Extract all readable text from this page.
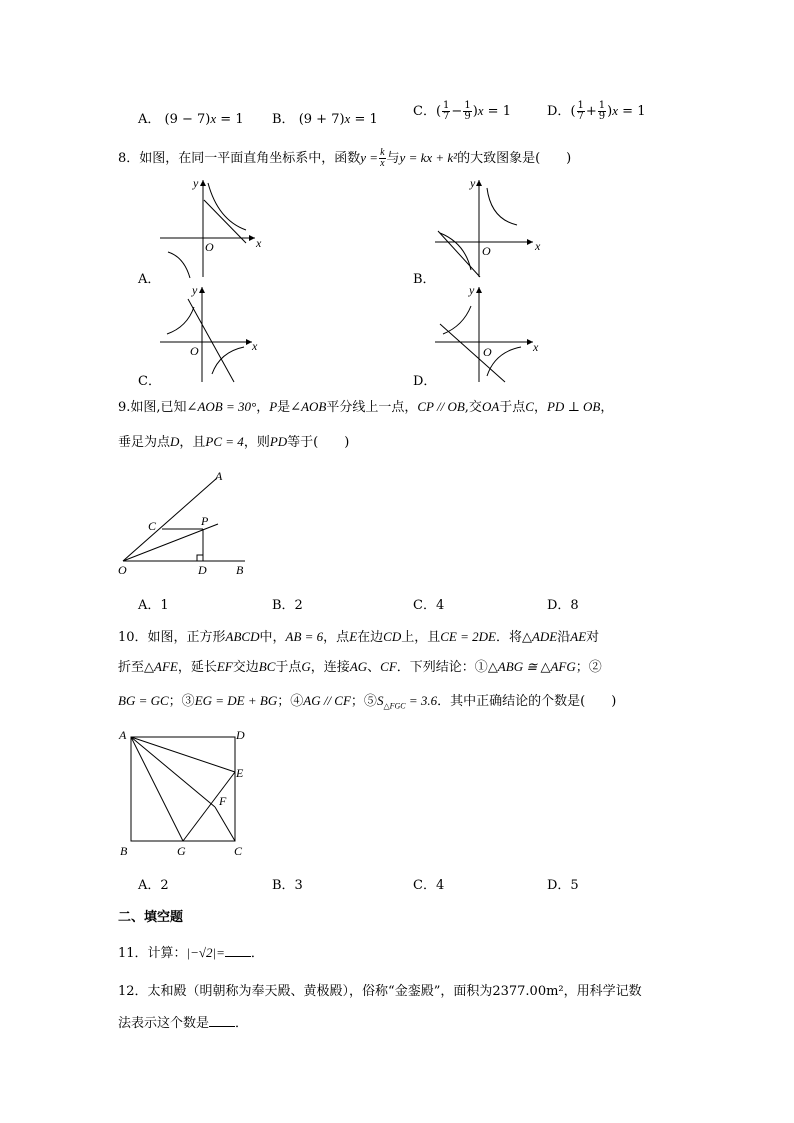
A． (9 − 7)x = 1 B． (9 + 7)x = 1
C．( $\frac{1}{7} - \frac{1}{9} )x = 1$	D．( $\frac{1}{7} + \frac{1}{9} )x = 1$
8．如图，在同一平面直角坐标系中，函数$y = \frac{k}{x}$ 与y = kx + k²的大致图象是(　　)
y
x
O
A．
y
x
O
B．
y
x
O
C．
y
x
O
D．
9.如图,已知∠AOB = 30°，P是∠AOB平分线上一点，CP // OB,交OA于点C，PD ⊥ OB，
垂足为点D，且PC = 4，则PD等于(　　)
A
C	P
O	D B
A．1	B．2	C．4	D．8
10．如图，正方形ABCD中，AB = 6，点E在边CD上，且CE = 2DE．将△ADE沿AE对
折至△AFE，延长EF交边BC于点G，连接AG、CF．下列结论：①△ABG ≅ △AFG；②
BG = GC；③EG = DE + BG；④AG // CF；$⑤S_{\triangle FGC} = 3.6$．其中正确结论的个数是(　　)
A	D
E
F
B	G	C
A．2	B．3	C．4	D．5
二、填空题
11．计算：|−√2|= ．
12．太和殿（明朝称为奉天殿、黄极殿），俗称“金銮殿”，面积为2377.00m²，用科学记数
法表示这个数是 ．
